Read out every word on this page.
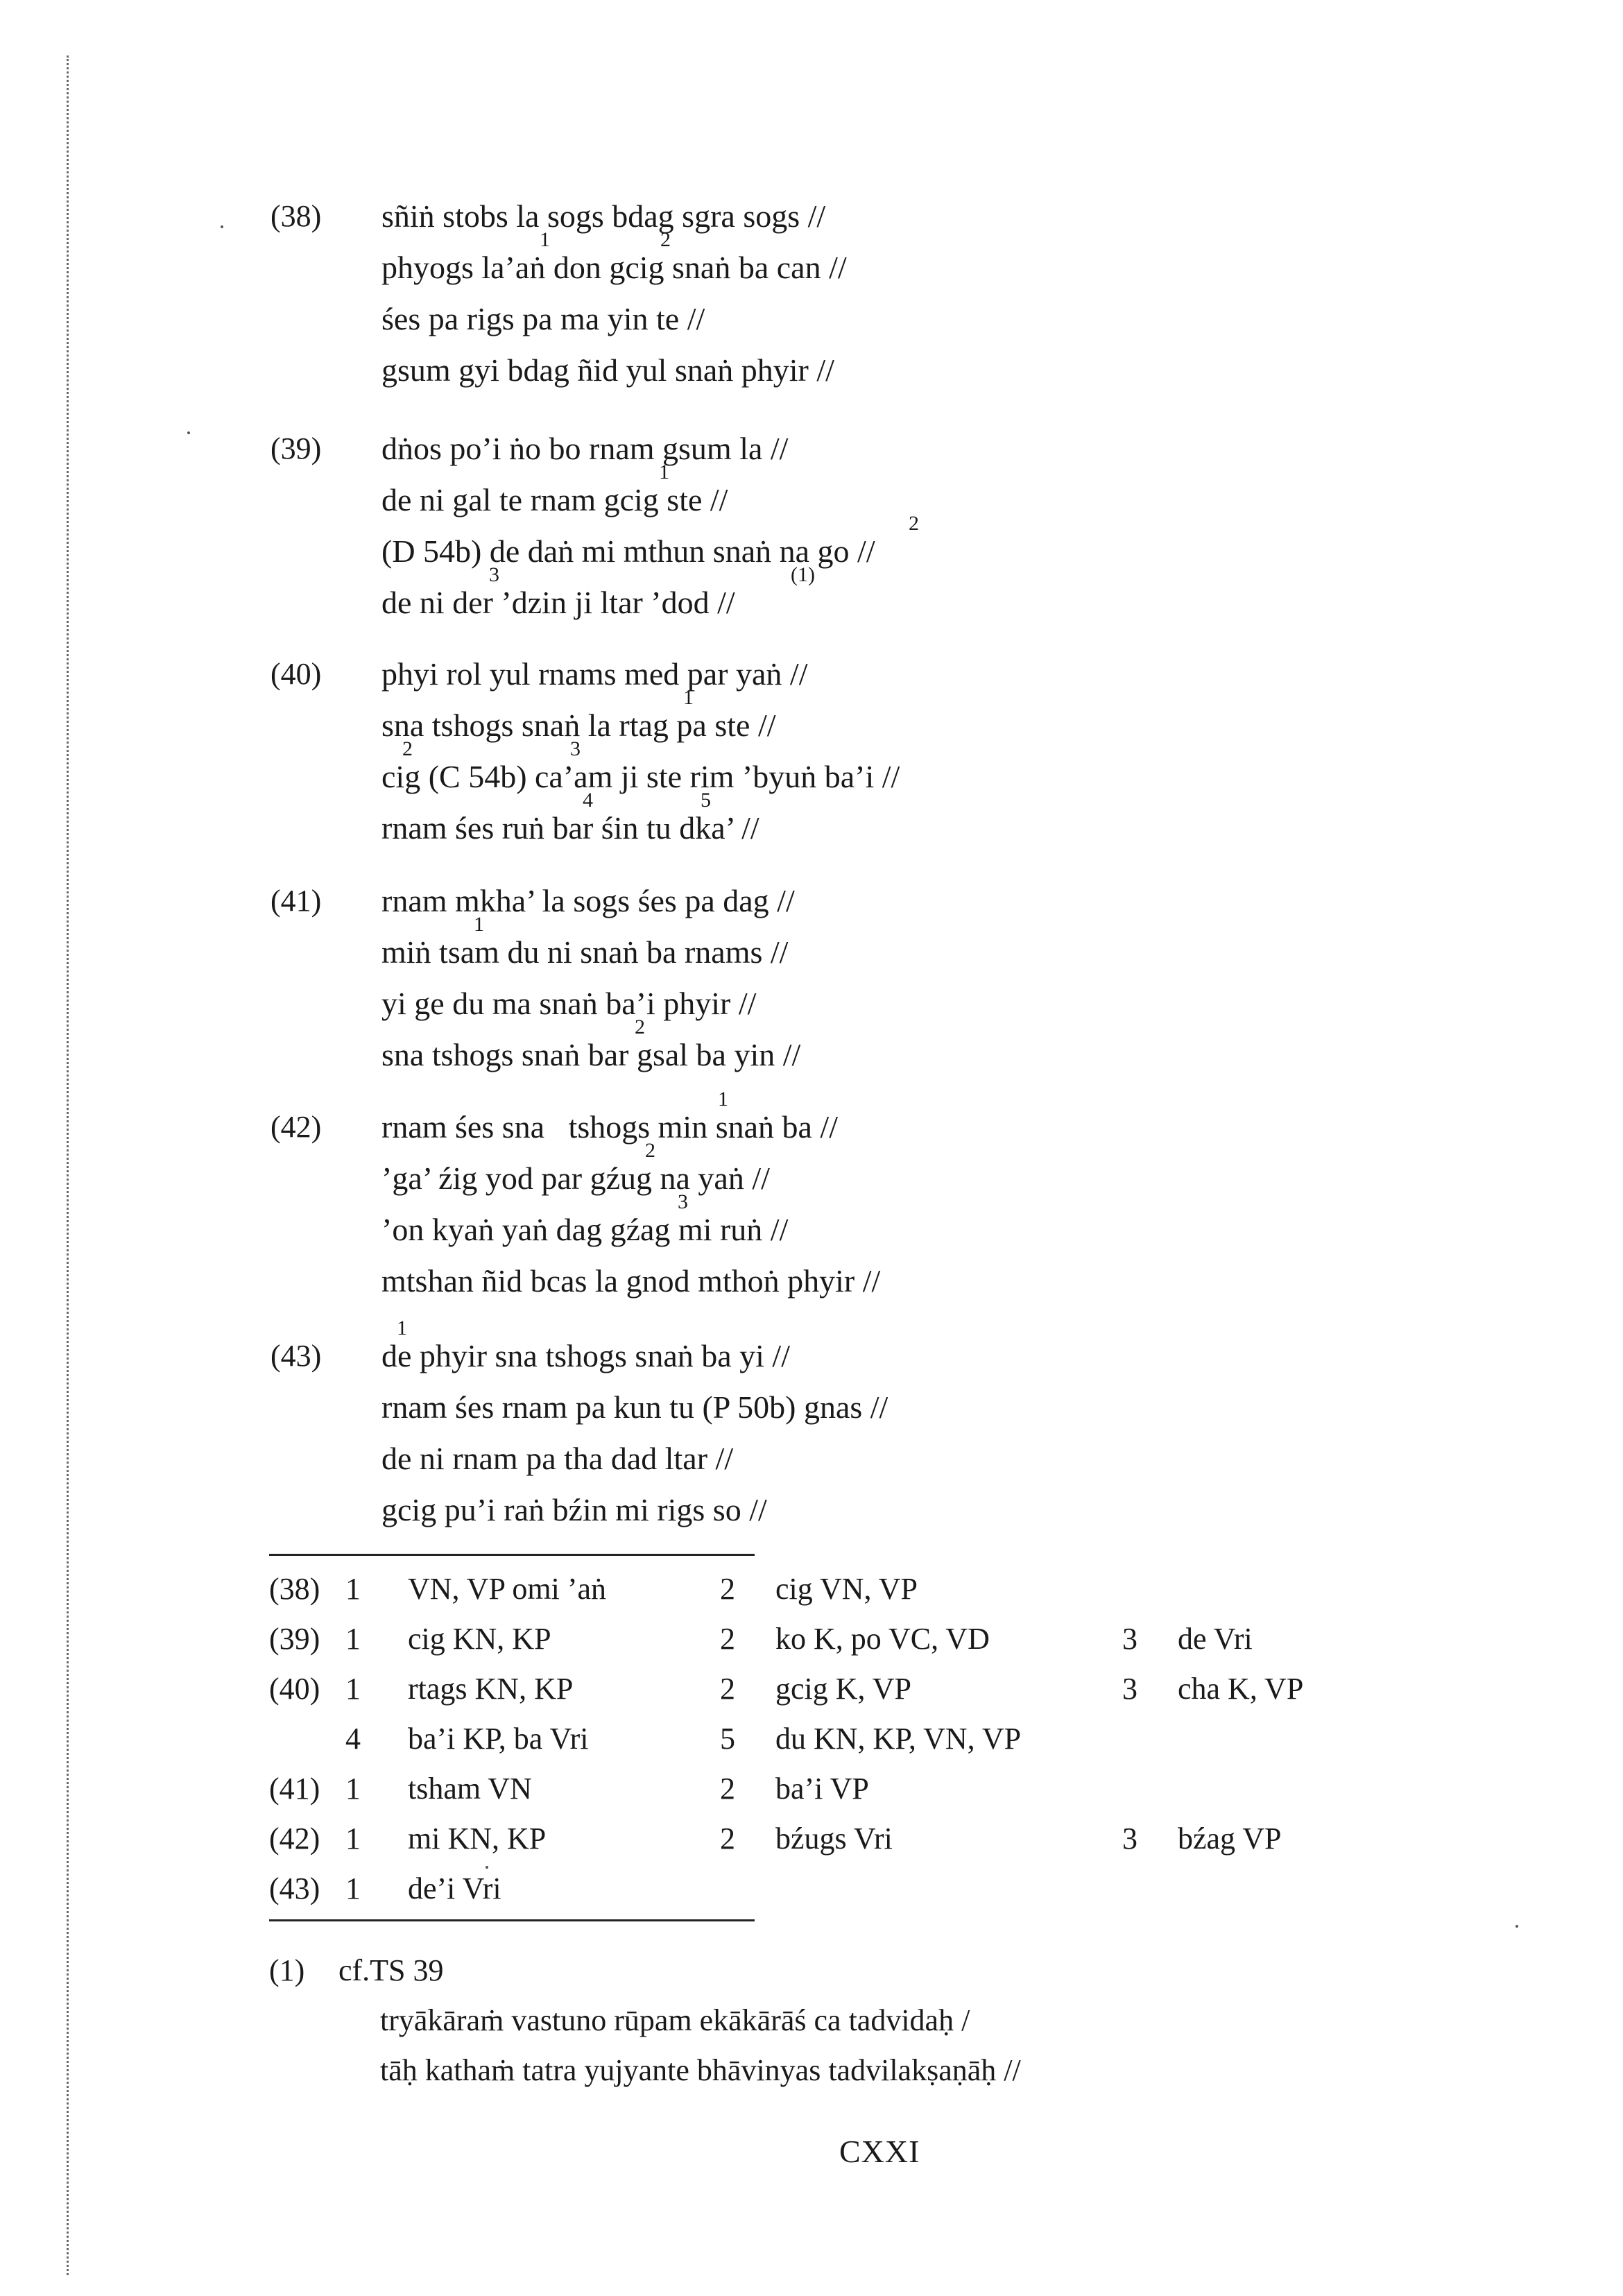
(38) sñiṅ stobs la sogs bdag sgra sogs //
phyogs la’aṅ don gcig snaṅ ba can //
śes pa rigs pa ma yin te //
gsum gyi bdag ñid yul snaṅ phyir //
1	2
(39) dṅos po’i ṅo bo rnam gsum la //
de ni gal te rnam gcig ste //
(D 54b) de daṅ mi mthun snaṅ na go //
de ni der ’dzin ji ltar ’dod //
1
2
3	(1)
(40) phyi rol yul rnams med par yaṅ //
sna tshogs snaṅ la rtag pa ste //
cig (C 54b) ca’am ji ste rim ’byuṅ ba’i //
rnam śes ruṅ bar śin tu dka’ //
1
2	3
4	5
(41) rnam mkha’ la sogs śes pa dag //
miṅ tsam du ni snaṅ ba rnams //
yi ge du ma snaṅ ba’i phyir //
sna tshogs snaṅ bar gsal ba yin //
1
2
(42) rnam śes sna   tshogs min snaṅ ba //
’ga’ źig yod par gźug na yaṅ //
’on kyaṅ yaṅ dag gźag mi ruṅ //
mtshan ñid bcas la gnod mthoṅ phyir //
1
2
3
(43) de phyir sna tshogs snaṅ ba yi //
rnam śes rnam pa kun tu (P 50b) gnas //
de ni rnam pa tha dad ltar //
gcig pu’i raṅ bźin mi rigs so //
1
(38)	1	VN, VP omi ’aṅ	2	cig VN, VP		
(39)	1	cig KN, KP	2	ko K, po VC, VD	3	de Vri
(40)	1	rtags KN, KP	2	gcig K, VP	3	cha K, VP
	4	ba’i KP, ba Vri	5	du KN, KP, VN, VP		
(41)	1	tsham VN	2	ba’i VP		
(42)	1	mi KN, KP	2	bźugs Vri	3	bźag VP
(43)	1	de’i Vri				
(1) cf.TS 39
tryākāraṁ vastuno rūpam ekākārāś ca tadvidaḥ /
tāḥ kathaṁ tatra yujyante bhāvinyas tadvilakṣaṇāḥ //
CXXI
